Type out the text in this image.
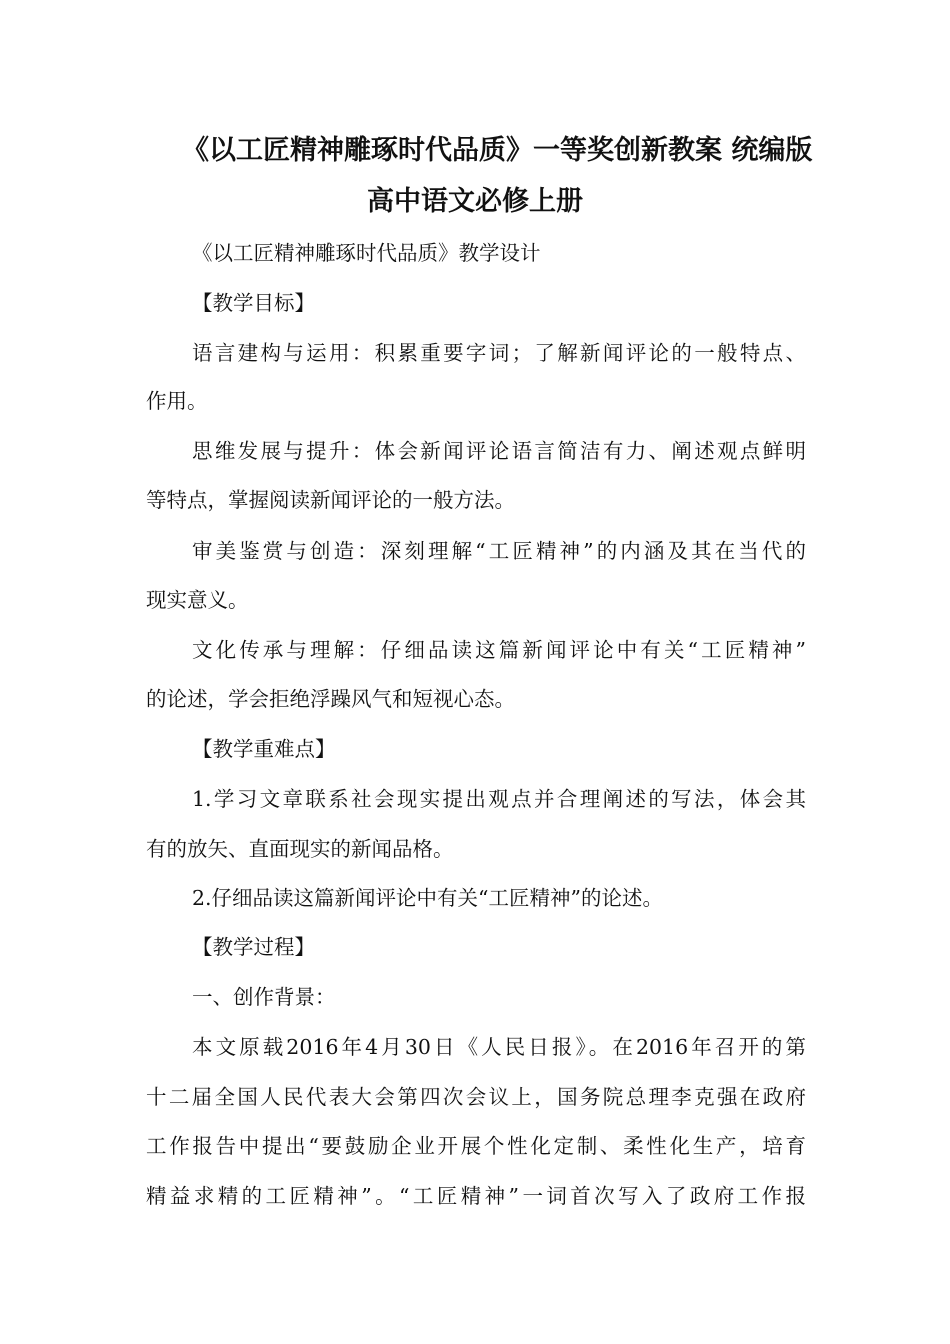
《以工匠精神雕琢时代品质》一等奖创新教案 统编版
高中语文必修上册
《以工匠精神雕琢时代品质》教学设计
【教学目标】
语言建构与运用：积累重要字词；了解新闻评论的一般特点、
作用。
思维发展与提升：体会新闻评论语言简洁有力、阐述观点鲜明
等特点，掌握阅读新闻评论的一般方法。
审美鉴赏与创造：深刻理解“工匠精神”的内涵及其在当代的
现实意义。
文化传承与理解：仔细品读这篇新闻评论中有关“工匠精神”
的论述，学会拒绝浮躁风气和短视心态。
【教学重难点】
1.学习文章联系社会现实提出观点并合理阐述的写法，体会其
有的放矢、直面现实的新闻品格。
2.仔细品读这篇新闻评论中有关“工匠精神”的论述。
【教学过程】
一、创作背景：
本文原载2016年4月30日《人民日报》。在2016年召开的第
十二届全国人民代表大会第四次会议上，国务院总理李克强在政府
工作报告中提出“要鼓励企业开展个性化定制、柔性化生产，培育
精益求精的工匠精神”。“工匠精神”一词首次写入了政府工作报
